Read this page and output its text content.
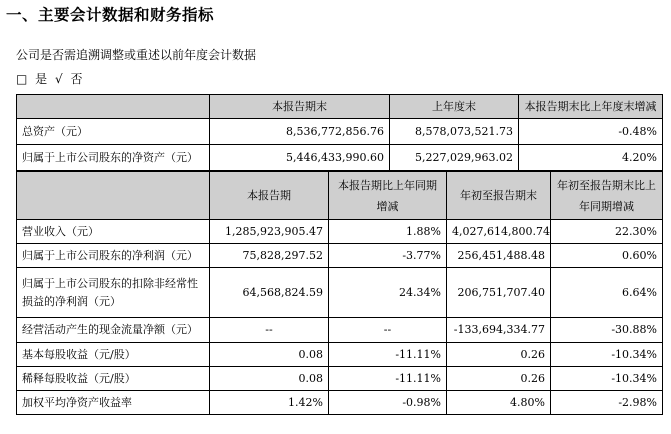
一、主要会计数据和财务指标
公司是否需追溯调整或重述以前年度会计数据
□ 是 √ 否
	本报告期末	上年度末	本报告期末比上年度末增减
总资产（元）	8,536,772,856.76	8,578,073,521.73	-0.48%
归属于上市公司股东的净资产（元）	5,446,433,990.60	5,227,029,963.02	4.20%
	本报告期	本报告期比上年同期增减	年初至报告期末	年初至报告期末比上年同期增减
营业收入（元）	1,285,923,905.47	1.88%	4,027,614,800.74	22.30%
归属于上市公司股东的净利润（元）	75,828,297.52	-3.77%	256,451,488.48	0.60%
归属于上市公司股东的扣除非经常性损益的净利润（元）	64,568,824.59	24.34%	206,751,707.40	6.64%
经营活动产生的现金流量净额（元）	--	--	-133,694,334.77	-30.88%
基本每股收益（元/股）	0.08	-11.11%	0.26	-10.34%
稀释每股收益（元/股）	0.08	-11.11%	0.26	-10.34%
加权平均净资产收益率	1.42%	-0.98%	4.80%	-2.98%
